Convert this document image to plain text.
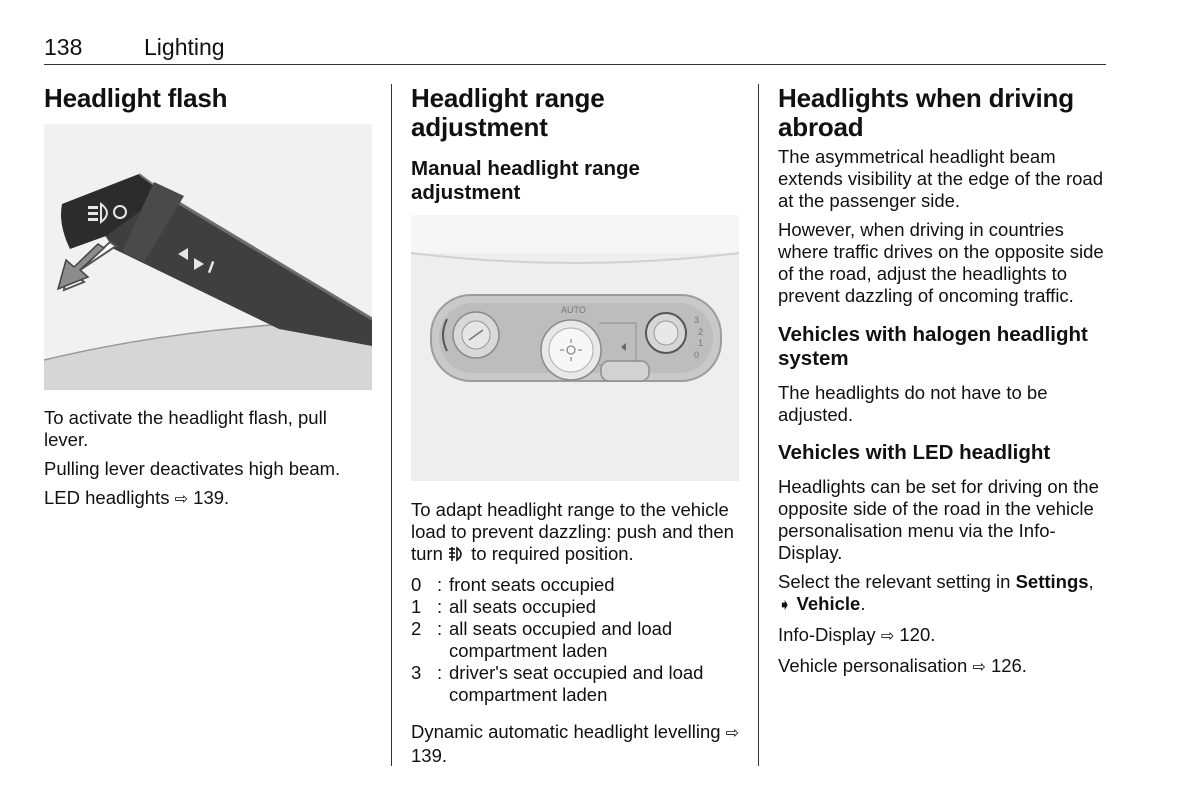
138	Lighting
Headlight flash

To activate the headlight flash, pull lever.

Pulling lever deactivates high beam.

LED headlights ⇨ 139.

Headlight range adjustment
Manual headlight range adjustment
AUTO
3
2
1
0

To adapt headlight range to the vehicle load to prevent dazzling: push and then turn to required position.

0 : front seats occupied
1 : all seats occupied
2 : all seats occupied and load compartment laden
3 : driver's seat occupied and load compartment laden

Dynamic automatic headlight levelling ⇨ 139.

Headlights when driving abroad

The asymmetrical headlight beam extends visibility at the edge of the road at the passenger side.

However, when driving in countries where traffic drives on the opposite side of the road, adjust the headlights to prevent dazzling of oncoming traffic.

Vehicles with halogen headlight system

The headlights do not have to be adjusted.

Vehicles with LED headlight

Headlights can be set for driving on the opposite side of the road in the vehicle personalisation menu via the Info-Display.

Select the relevant setting in Settings,
➧ Vehicle.

Info-Display ⇨ 120.

Vehicle personalisation ⇨ 126.
